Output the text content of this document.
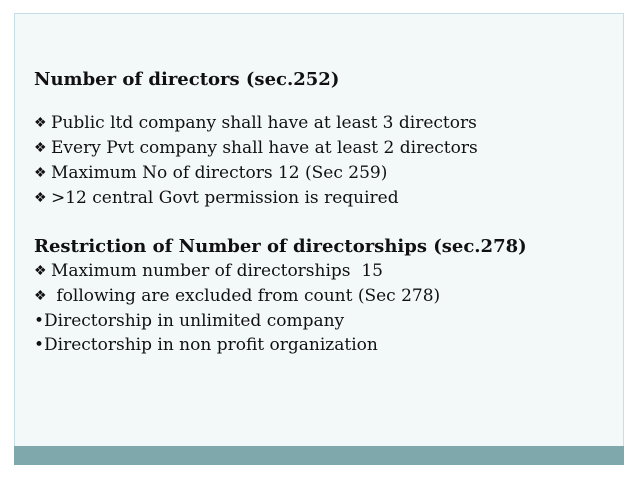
Number of directors (sec.252)

❖ Public ltd company shall have at least 3 directors

❖ Every Pvt company shall have at least 2 directors

❖ Maximum No of directors 12 (Sec 259)

❖ >12 central Govt permission is required

Restriction of Number of directorships (sec.278)

❖ Maximum number of directorships  15

❖ following are excluded from count (Sec 278)

•Directorship in unlimited company

•Directorship in non profit organization
